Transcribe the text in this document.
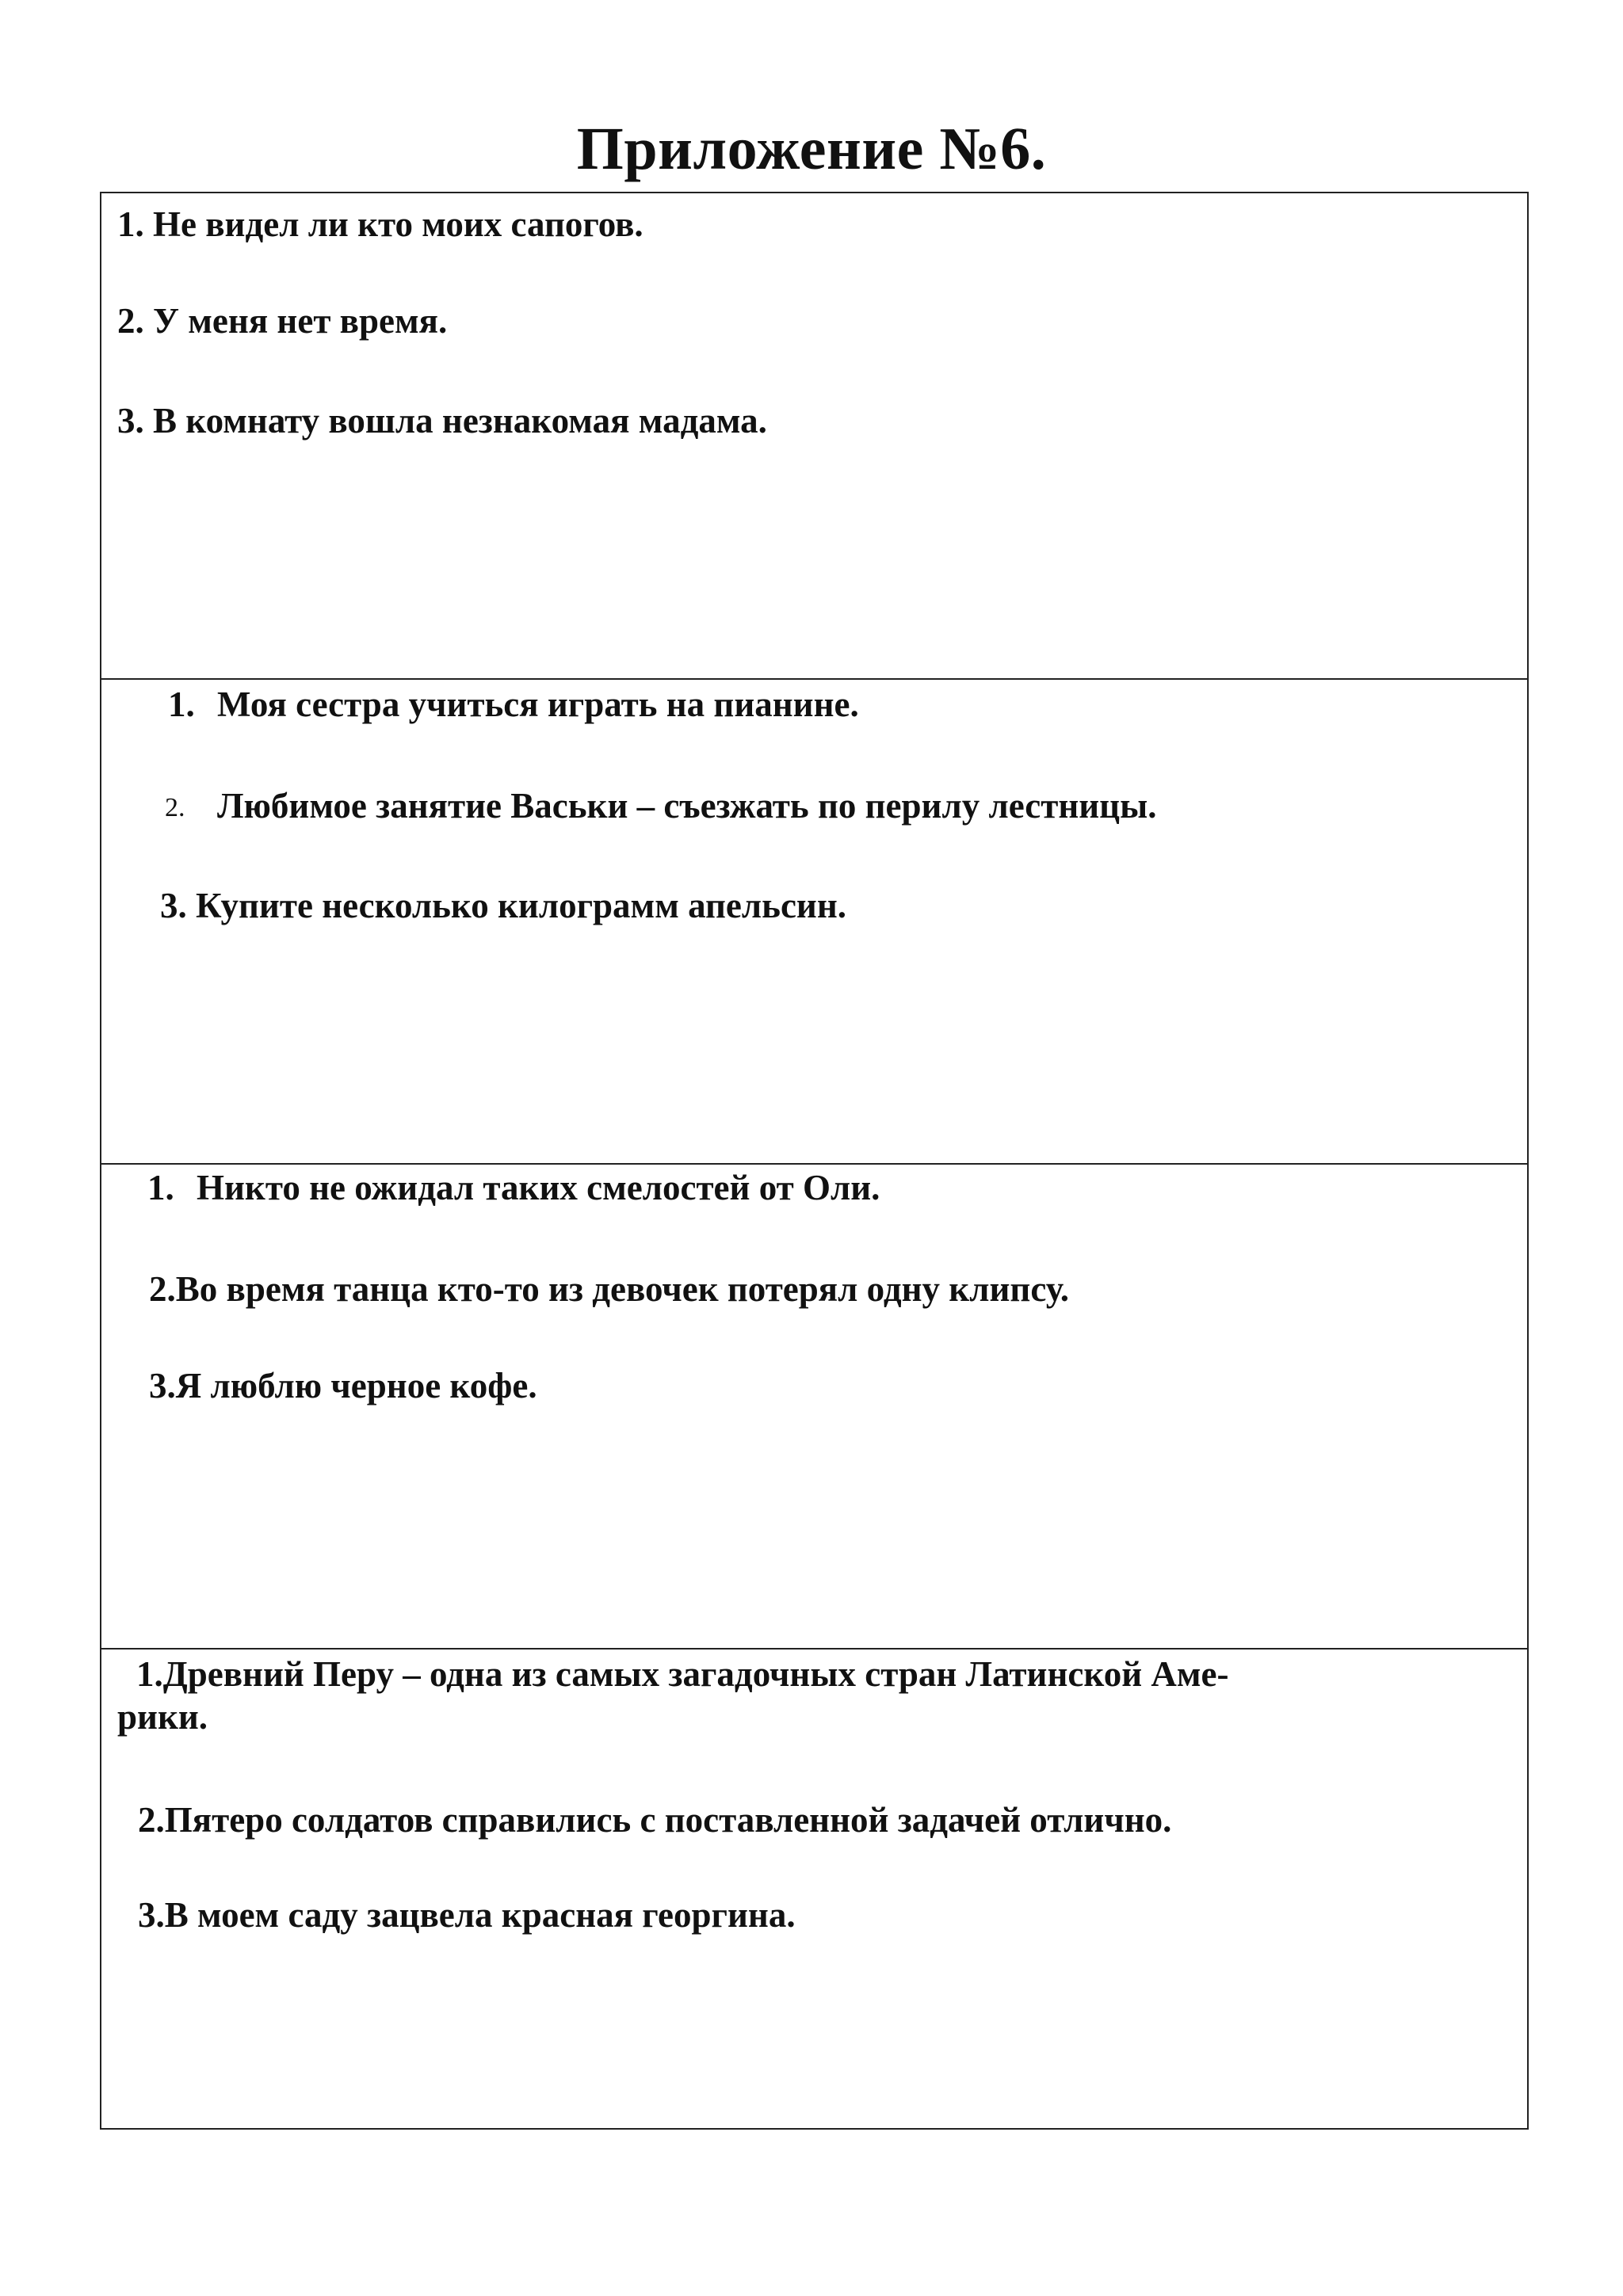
Приложение №6.
1. Не видел ли кто моих сапогов.
2. У меня нет время.
3. В комнату вошла незнакомая мадама.
1. Моя сестра учиться играть на пианине.
2. Любимое занятие Васьки – съезжать по перилу лестницы.
3. Купите несколько килограмм апельсин.
1. Никто не ожидал таких смелостей от Оли.
2.Во время танца кто-то из девочек потерял одну клипсу.
3.Я люблю черное кофе.
1.Древний Перу – одна из самых загадочных стран Латинской Аме-
рики.
2.Пятеро солдатов справились с поставленной задачей отлично.
3.В моем саду зацвела красная георгина.
